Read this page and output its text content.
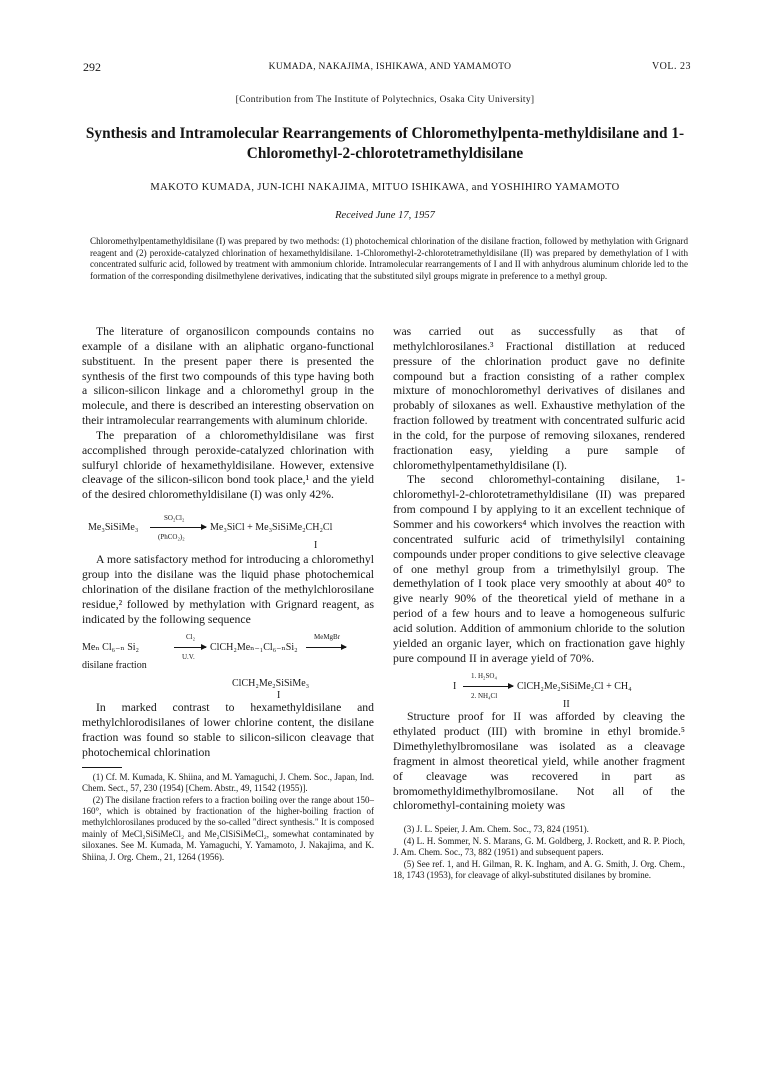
292	KUMADA, NAKAJIMA, ISHIKAWA, AND YAMAMOTO	VOL. 23
[Contribution from The Institute of Polytechnics, Osaka City University]
Synthesis and Intramolecular Rearrangements of Chloromethylpenta-methyldisilane and 1-Chloromethyl-2-chlorotetramethyldisilane
MAKOTO KUMADA, JUN-ICHI NAKAJIMA, MITUO ISHIKAWA, and YOSHIHIRO YAMAMOTO
Received June 17, 1957
Chloromethylpentamethyldisilane (I) was prepared by two methods: (1) photochemical chlorination of the disilane fraction, followed by methylation with Grignard reagent and (2) peroxide-catalyzed chlorination of hexamethyldisilane. 1-Chloromethyl-2-chlorotetramethyldisilane (II) was prepared by demethylation of I with concentrated sulfuric acid, followed by treatment with ammonium chloride. Intramolecular rearrangements of I and II with anhydrous aluminum chloride led to the formation of the corresponding disilmethylene derivatives, indicating that the substituted silyl groups migrate in preference to a methyl group.

The literature of organosilicon compounds contains no example of a disilane with an aliphatic organo-functional substituent. In the present paper there is presented the synthesis of the first two compounds of this type having both a silicon-silicon linkage and a chloromethyl group in the molecule, and there is described an interesting observation on their intramolecular rearrangements with aluminum chloride.

The preparation of a chloromethyldisilane was first accomplished through peroxide-catalyzed chlorination with sulfuryl chloride of hexamethyldisilane. However, extensive cleavage of the silicon-silicon bond took place,¹ and the yield of the desired chloromethyldisilane (I) was only 42%.

Me₃SiSiMe₃
SO₂Cl₂
(PhCO₂)₂
Me₃SiCl + Me₃SiSiMe₂CH₂Cl
I

A more satisfactory method for introducing a chloromethyl group into the disilane was the liquid phase photochemical chlorination of the disilane fraction of the methylchlorosilane residue,² followed by methylation with Grignard reagent, as indicated by the following sequence

Meₙ Cl₆₋ₙ Si₂
Cl₂
U.V.
ClCH₂Meₙ₋₁Cl₆₋ₙSi₂
MeMgBr
disilane fraction
ClCH₂Me₂SiSiMe₃
I

In marked contrast to hexamethyldisilane and methylchlorodisilanes of lower chlorine content, the disilane fraction was found so stable to silicon-silicon cleavage that photochemical chlorination

(1) Cf. M. Kumada, K. Shiina, and M. Yamaguchi, J. Chem. Soc., Japan, Ind. Chem. Sect., 57, 230 (1954) [Chem. Abstr., 49, 11542 (1955)].

(2) The disilane fraction refers to a fraction boiling over the range about 150–160°, which is obtained by fractionation of the higher-boiling fraction of methylchlorosilanes produced by the so-called "direct synthesis." It is composed mainly of MeCl₂SiSiMeCl₂ and Me₂ClSiSiMeCl₂, somewhat contaminated by siloxanes. See M. Kumada, M. Yamaguchi, Y. Yamamoto, J. Nakajima, and K. Shiina, J. Org. Chem., 21, 1264 (1956).

was carried out as successfully as that of methylchlorosilanes.³ Fractional distillation at reduced pressure of the chlorination product gave no definite compound but a fraction consisting of a rather complex mixture of monochloromethyl derivatives of disilanes and probably of siloxanes as well. Exhaustive methylation of the fraction followed by treatment with concentrated sulfuric acid in the cold, for the purpose of removing siloxanes, rendered fractionation easy, yielding a pure sample of chloromethylpentamethyldisilane (I).

The second chloromethyl-containing disilane, 1-chloromethyl-2-chlorotetramethyldisilane (II) was prepared from compound I by applying to it an excellent technique of Sommer and his coworkers⁴ which involves the reaction with concentrated sulfuric acid of trimethylsilyl containing compounds under proper conditions to give selective cleavage of one methyl group from a trimethylsilyl group. The demethylation of I took place very smoothly at about 40° to give nearly 90% of the theoretical yield of methane in a period of a few hours and to leave a homogeneous sulfuric acid solution. Addition of ammonium chloride to the solution yielded an organic layer, which on fractionation gave highly pure compound II in average yield of 70%.

I
1. H₂SO₄
2. NH₄Cl
ClCH₂Me₂SiSiMe₂Cl + CH₄
II

Structure proof for II was afforded by cleaving the ethylated product (III) with bromine in ethyl bromide.⁵ Dimethylethylbromosilane was isolated as a cleavage fragment in almost theoretical yield, while another fragment of cleavage was recovered in part as bromomethyldimethylbromosilane. Not all of the chloromethyl-containing moiety was

(3) J. L. Speier, J. Am. Chem. Soc., 73, 824 (1951).

(4) L. H. Sommer, N. S. Marans, G. M. Goldberg, J. Rockett, and R. P. Pioch, J. Am. Chem. Soc., 73, 882 (1951) and subsequent papers.

(5) See ref. 1, and H. Gilman, R. K. Ingham, and A. G. Smith, J. Org. Chem., 18, 1743 (1953), for cleavage of alkyl-substituted disilanes by bromine.
